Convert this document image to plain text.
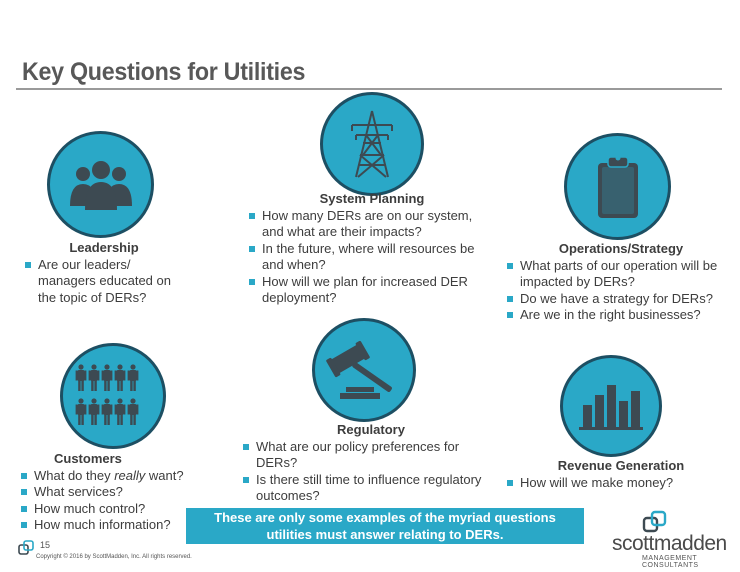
Key Questions for Utilities
Leadership
Are our leaders/
managers educated on
the topic of DERs?
System Planning
How many DERs are on our system,
and what are their impacts?
In the future, where will resources be
and when?
How will we plan for increased DER
deployment?
Operations/Strategy
What parts of our operation will be
impacted by DERs?
Do we have a strategy for DERs?
Are we in the right businesses?
Customers
What do they really want?
What services?
How much control?
How much information?
Regulatory
What are our policy preferences for
DERs?
Is there still time to influence regulatory
outcomes?
Revenue Generation
How will we make money?
These are only some examples of the myriad questions
utilities must answer relating to DERs.
15
Copyright © 2016 by ScottMadden, Inc. All rights reserved.
scottmadden
MANAGEMENT CONSULTANTS
